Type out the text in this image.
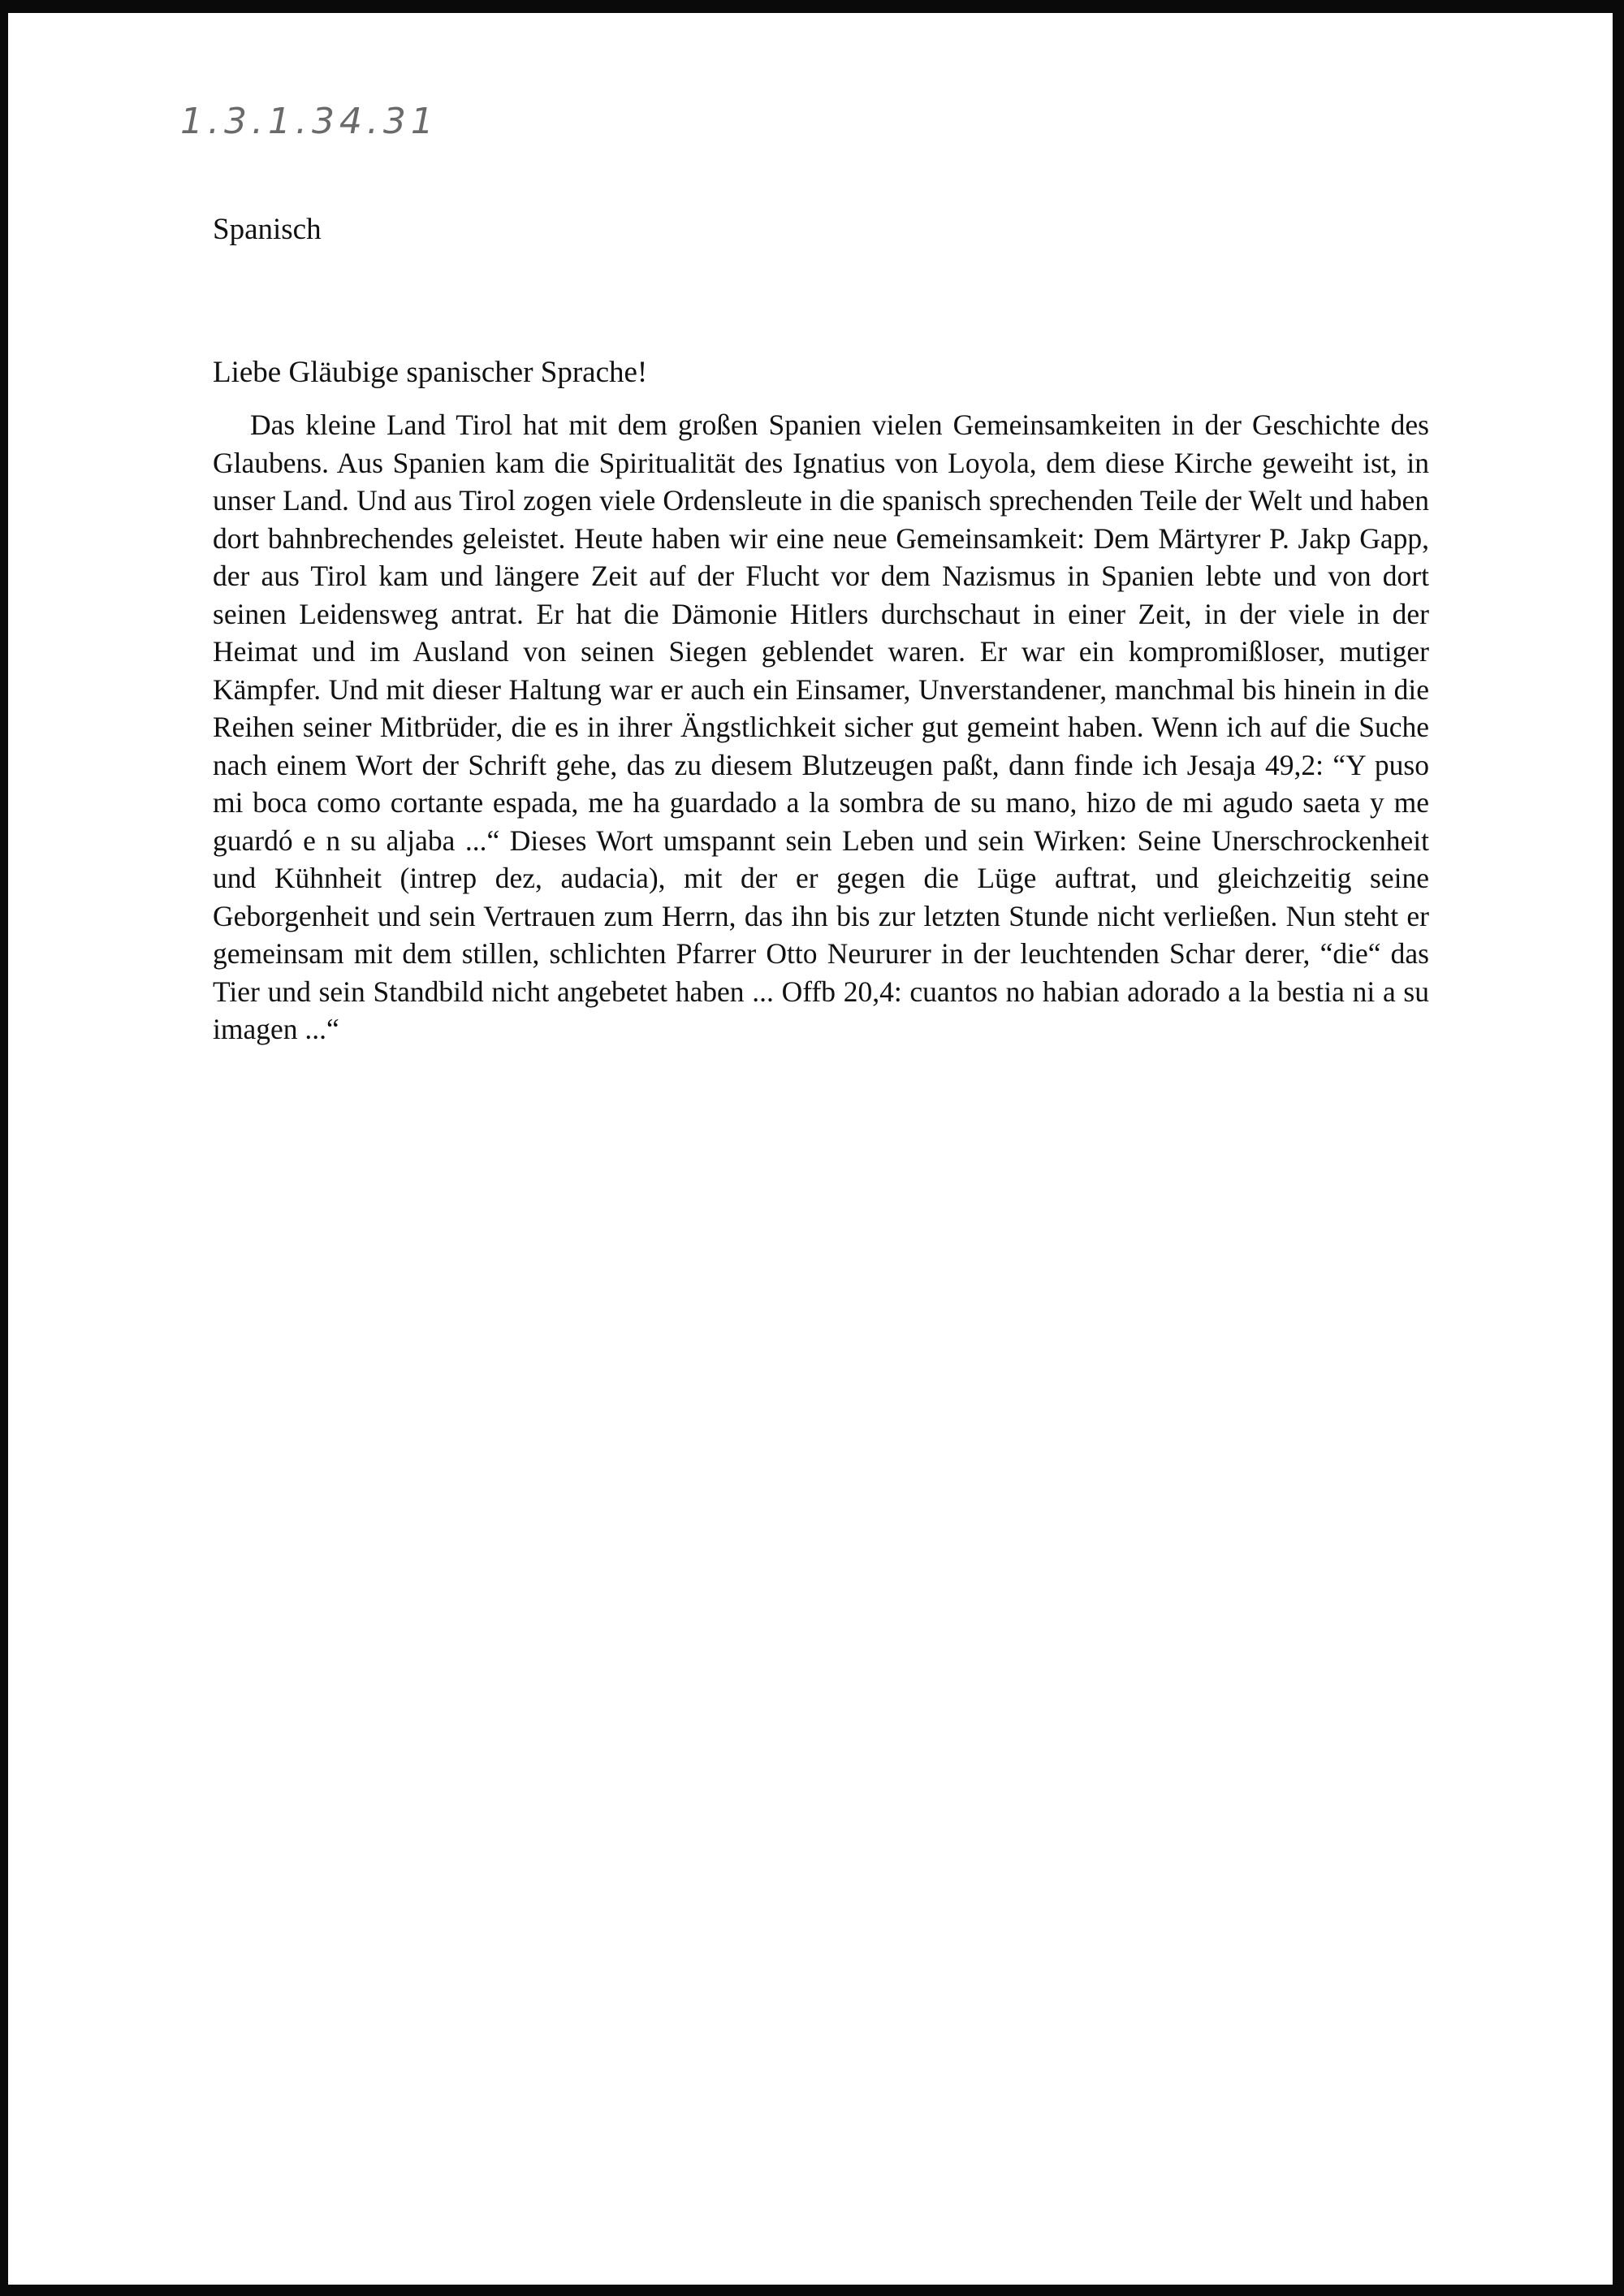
1.3.1.34.31

Spanisch

Liebe Gläubige spanischer Sprache!

Das kleine Land Tirol hat mit dem großen Spanien vielen Gemeinsamkeiten in der Geschichte des Glaubens. Aus Spanien kam die Spiritualität des Ignatius von Loyola, dem diese Kirche geweiht ist, in unser Land. Und aus Tirol zogen viele Ordensleute in die spanisch sprechenden Teile der Welt und haben dort bahnbrechendes geleistet. Heute haben wir eine neue Gemeinsamkeit: Dem Märtyrer P. Jakp Gapp, der aus Tirol kam und längere Zeit auf der Flucht vor dem Nazismus in Spanien lebte und von dort seinen Leidensweg antrat. Er hat die Dämonie Hitlers durchschaut in einer Zeit, in der viele in der Heimat und im Ausland von seinen Siegen geblendet waren. Er war ein kompromißloser, mutiger Kämpfer. Und mit dieser Haltung war er auch ein Einsamer, Unverstandener, manchmal bis hinein in die Reihen seiner Mitbrüder, die es in ihrer Ängstlichkeit sicher gut gemeint haben. Wenn ich auf die Suche nach einem Wort der Schrift gehe, das zu diesem Blutzeugen paßt, dann finde ich Jesaja 49,2: “Y puso mi boca como cortante espada, me ha guardado a la sombra de su mano, hizo de mi agudo saeta y me guardó e n su aljaba ...“ Dieses Wort umspannt sein Leben und sein Wirken: Seine Unerschrockenheit und Kühnheit (intrep dez, audacia), mit der er gegen die Lüge auftrat, und gleichzeitig seine Geborgenheit und sein Vertrauen zum Herrn, das ihn bis zur letzten Stunde nicht verließen. Nun steht er gemeinsam mit dem stillen, schlichten Pfarrer Otto Neururer in der leuchtenden Schar derer, “die“ das Tier und sein Standbild nicht angebetet haben ... Offb 20,4: cuantos no habian adorado a la bestia ni a su imagen ...“
